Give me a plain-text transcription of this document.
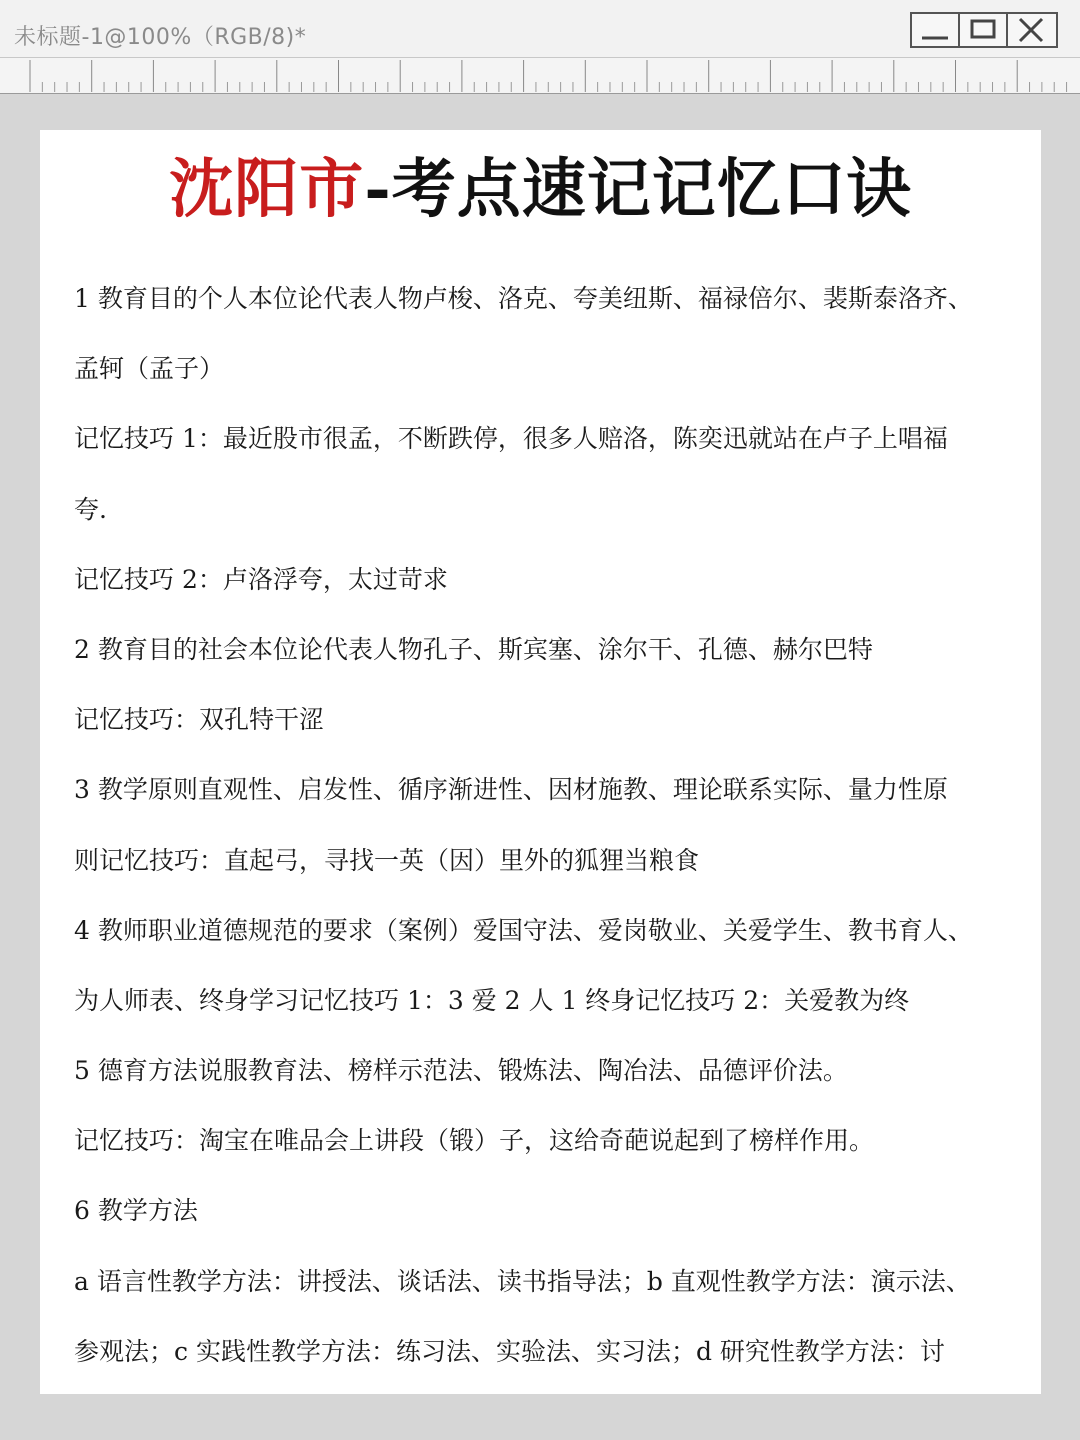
未标题-1@100%（RGB/8)*
沈阳市-考点速记记忆口诀
1 教育目的个人本位论代表人物卢梭、洛克、夸美纽斯、福禄倍尔、裴斯泰洛齐、
孟轲（孟子）
记忆技巧 1：最近股市很孟，不断跌停，很多人赔洛，陈奕迅就站在卢子上唱福
夸.
记忆技巧 2：卢洛浮夸，太过苛求
2 教育目的社会本位论代表人物孔子、斯宾塞、涂尔干、孔德、赫尔巴特
记忆技巧：双孔特干涩
3 教学原则直观性、启发性、循序渐进性、因材施教、理论联系实际、量力性原
则记忆技巧：直起弓，寻找一英（因）里外的狐狸当粮食
4 教师职业道德规范的要求（案例）爱国守法、爱岗敬业、关爱学生、教书育人、
为人师表、终身学习记忆技巧 1：3 爱 2 人 1 终身记忆技巧 2：关爱教为终
5 德育方法说服教育法、榜样示范法、锻炼法、陶冶法、品德评价法。
记忆技巧：淘宝在唯品会上讲段（锻）子，这给奇葩说起到了榜样作用。
6 教学方法
a 语言性教学方法：讲授法、谈话法、读书指导法；b 直观性教学方法：演示法、
参观法；c 实践性教学方法：练习法、实验法、实习法；d 研究性教学方法：讨
